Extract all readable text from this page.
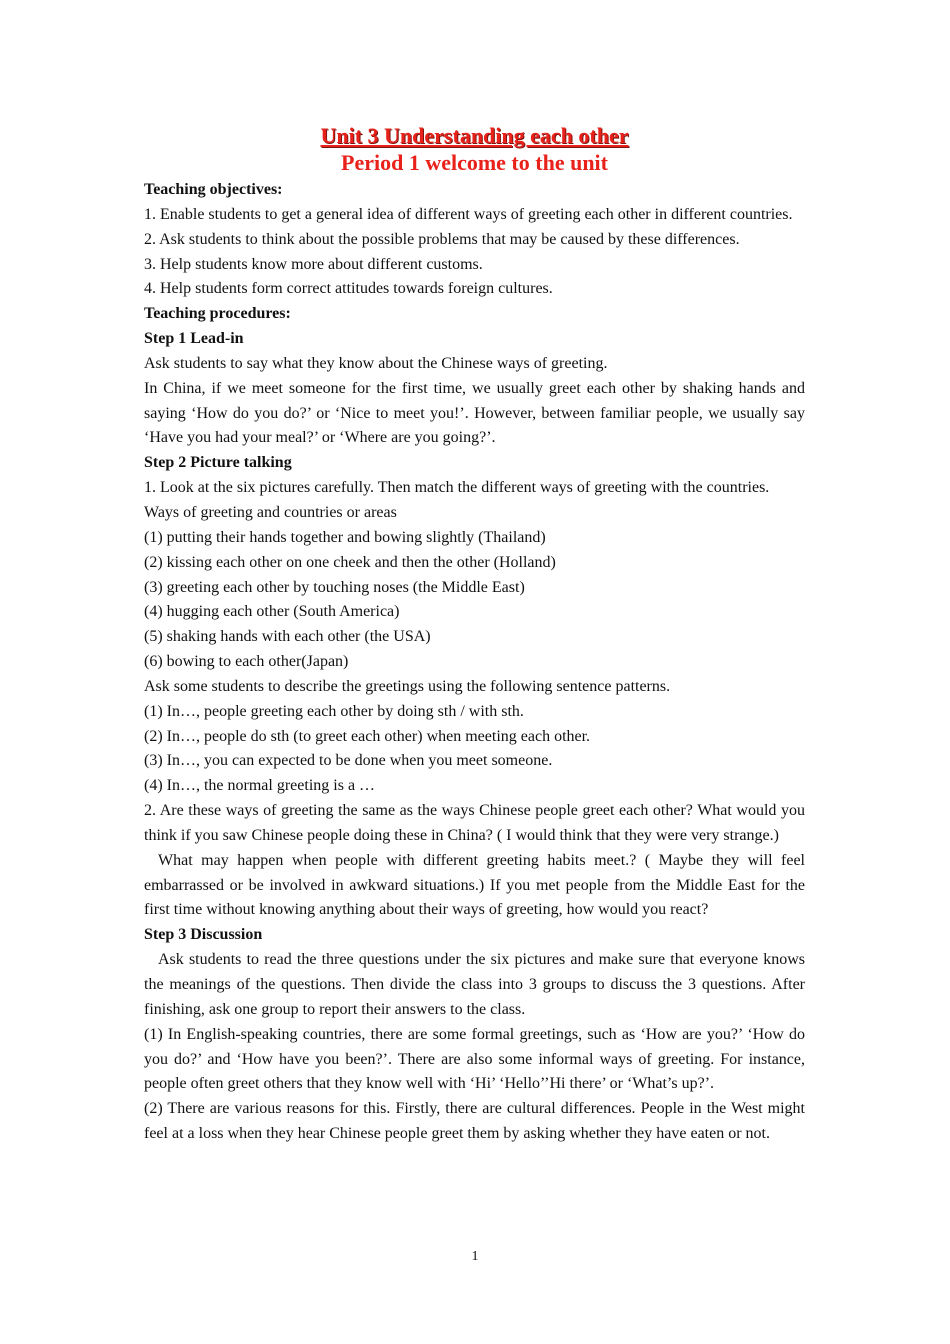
Unit 3 Understanding each other
Period 1 welcome to the unit

Teaching objectives:

1. Enable students to get a general idea of different ways of greeting each other in different countries.

2. Ask students to think about the possible problems that may be caused by these differences.

3. Help students know more about different customs.

4. Help students form correct attitudes towards foreign cultures.

Teaching procedures:

Step 1 Lead-in

Ask students to say what they know about the Chinese ways of greeting.

In China, if we meet someone for the first time, we usually greet each other by shaking hands and saying ‘How do you do?’ or ‘Nice to meet you!’. However, between familiar people, we usually say ‘Have you had your meal?’ or ‘Where are you going?’.

Step 2 Picture talking

1. Look at the six pictures carefully. Then match the different ways of greeting with the countries.

Ways of greeting and countries or areas

(1) putting their hands together and bowing slightly (Thailand)

(2) kissing each other on one cheek and then the other (Holland)

(3) greeting each other by touching noses (the Middle East)

(4) hugging each other (South America)

(5) shaking hands with each other (the USA)

(6) bowing to each other(Japan)

Ask some students to describe the greetings using the following sentence patterns.

(1) In…, people greeting each other by doing sth / with sth.

(2) In…, people do sth (to greet each other) when meeting each other.

(3) In…, you can expected to be done when you meet someone.

(4) In…, the normal greeting is a …

2. Are these ways of greeting the same as the ways Chinese people greet each other? What would you think if you saw Chinese people doing these in China? ( I would think that they were very strange.)

What may happen when people with different greeting habits meet.? ( Maybe they will feel embarrassed or be involved in awkward situations.) If you met people from the Middle East for the first time without knowing anything about their ways of greeting, how would you react?

Step 3 Discussion

Ask students to read the three questions under the six pictures and make sure that everyone knows the meanings of the questions. Then divide the class into 3 groups to discuss the 3 questions. After finishing, ask one group to report their answers to the class.

(1) In English-speaking countries, there are some formal greetings, such as ‘How are you?’ ‘How do you do?’ and ‘How have you been?’. There are also some informal ways of greeting. For instance, people often greet others that they know well with ‘Hi’ ‘Hello’’Hi there’ or ‘What’s up?’.

(2) There are various reasons for this. Firstly, there are cultural differences. People in the West might feel at a loss when they hear Chinese people greet them by asking whether they have eaten or not.

1
